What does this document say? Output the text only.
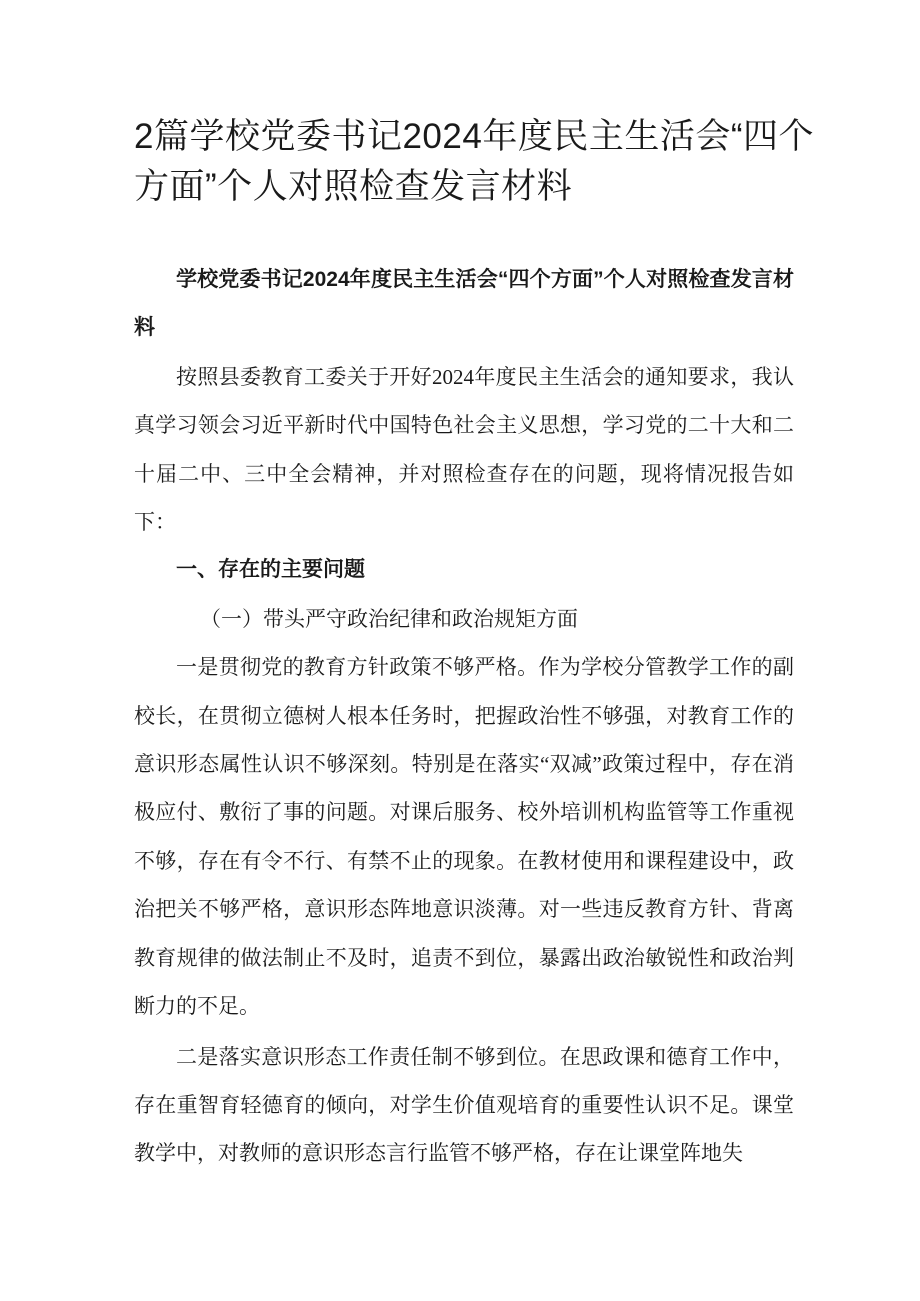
2篇学校党委书记2024年度民主生活会“四个方面”个人对照检查发言材料

学校党委书记2024年度民主生活会“四个方面”个人对照检查发言材料

按照县委教育工委关于开好2024年度民主生活会的通知要求，我认真学习领会习近平新时代中国特色社会主义思想，学习党的二十大和二十届二中、三中全会精神，并对照检查存在的问题，现将情况报告如下：

一、存在的主要问题

（一）带头严守政治纪律和政治规矩方面

一是贯彻党的教育方针政策不够严格。作为学校分管教学工作的副校长，在贯彻立德树人根本任务时，把握政治性不够强，对教育工作的意识形态属性认识不够深刻。特别是在落实“双减”政策过程中，存在消极应付、敷衍了事的问题。对课后服务、校外培训机构监管等工作重视不够，存在有令不行、有禁不止的现象。在教材使用和课程建设中，政治把关不够严格，意识形态阵地意识淡薄。对一些违反教育方针、背离教育规律的做法制止不及时，追责不到位，暴露出政治敏锐性和政治判断力的不足。

二是落实意识形态工作责任制不够到位。在思政课和德育工作中，存在重智育轻德育的倾向，对学生价值观培育的重要性认识不足。课堂教学中，对教师的意识形态言行监管不够严格，存在让课堂阵地失
